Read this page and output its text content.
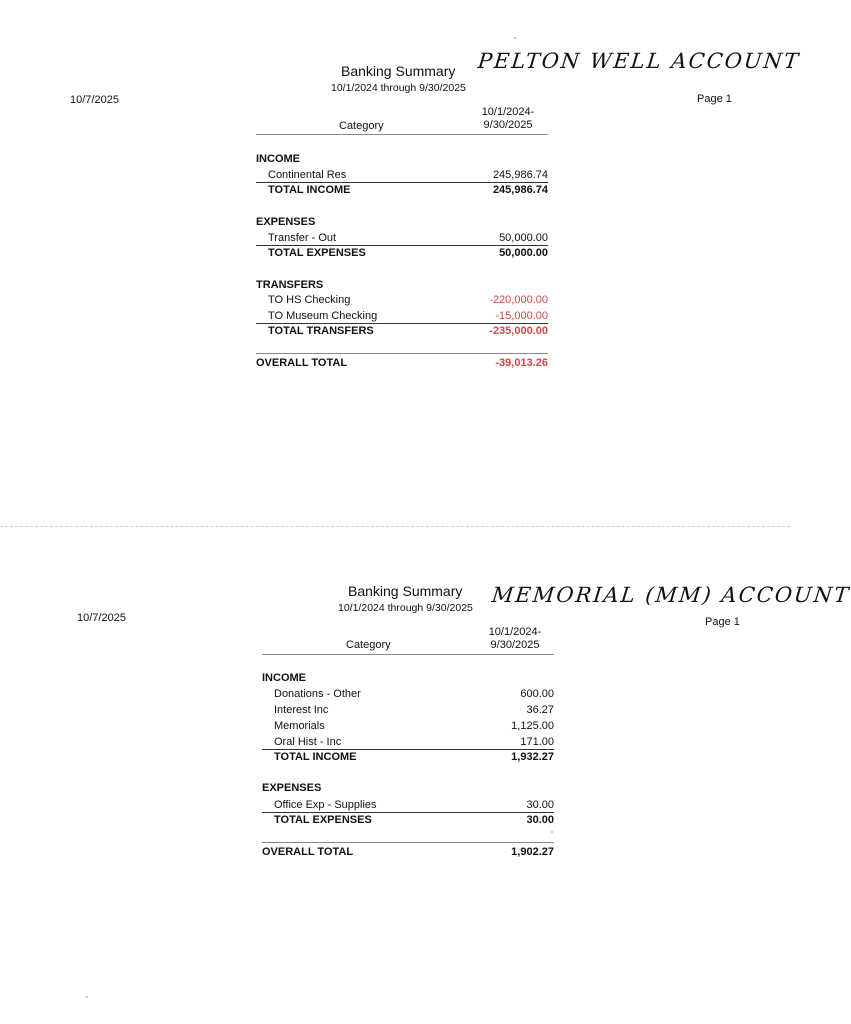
Banking Summary
10/1/2024 through 9/30/2025
PELTON WELL ACCOUNT
10/7/2025	Page 1
Category
10/1/2024-
9/30/2025
INCOME
Continental Res	245,986.74
TOTAL INCOME	245,986.74
EXPENSES
Transfer - Out	50,000.00
TOTAL EXPENSES	50,000.00
TRANSFERS
TO HS Checking	-220,000.00
TO Museum Checking	-15,000.00
TOTAL TRANSFERS	-235,000.00
OVERALL TOTAL	-39,013.26
Banking Summary
10/1/2024 through 9/30/2025
MEMORIAL (MM) ACCOUNT
10/7/2025	Page 1
Category
10/1/2024-
9/30/2025
INCOME
Donations - Other	600.00
Interest Inc	36.27
Memorials	1,125.00
Oral Hist - Inc	171.00
TOTAL INCOME	1,932.27
EXPENSES
Office Exp - Supplies	30.00
TOTAL EXPENSES	30.00
OVERALL TOTAL	1,902.27
